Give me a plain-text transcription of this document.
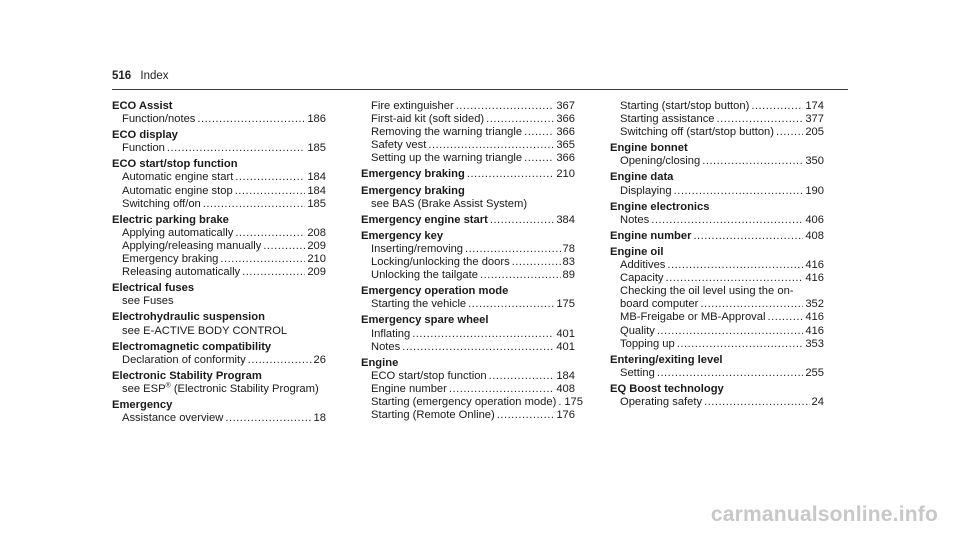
516 Index
ECO Assist
Function/notes .....	186
ECO display
Function .....	185
ECO start/stop function
Automatic engine start .....	184
Automatic engine stop .....	184
Switching off/on .....	185
Electric parking brake
Applying automatically .....	208
Applying/releasing manually .....	209
Emergency braking .....	210
Releasing automatically .....	209
Electrical fuses
see Fuses
Electrohydraulic suspension
see E-ACTIVE BODY CONTROL
Electromagnetic compatibility
Declaration of conformity .....	26
Electronic Stability Program
see ESP® (Electronic Stability Program)
Emergency
Assistance overview .....	18
Fire extinguisher .....	367
First-aid kit (soft sided) .....	366
Removing the warning triangle .....	366
Safety vest .....	365
Setting up the warning triangle .....	366
Emergency braking .....	210
Emergency braking
see BAS (Brake Assist System)
Emergency engine start .....	384
Emergency key
Inserting/removing .....	78
Locking/unlocking the doors .....	83
Unlocking the tailgate .....	89
Emergency operation mode
Starting the vehicle .....	175
Emergency spare wheel
Inflating .....	401
Notes .....	401
Engine
ECO start/stop function .....	184
Engine number .....	408
Starting (emergency operation mode) ..... 175
Starting (Remote Online) .....	176
Starting (start/stop button) .....	174
Starting assistance .....	377
Switching off (start/stop button) .....	205
Engine bonnet
Opening/closing .....	350
Engine data
Displaying .....	190
Engine electronics
Notes .....	406
Engine number .....	408
Engine oil
Additives .....	416
Capacity .....	416
Checking the oil level using the on-
board computer .....	352
MB-Freigabe or MB-Approval .....	416
Quality .....	416
Topping up .....	353
Entering/exiting level
Setting .....	255
EQ Boost technology
Operating safety .....	24
carmanualsonline.info
